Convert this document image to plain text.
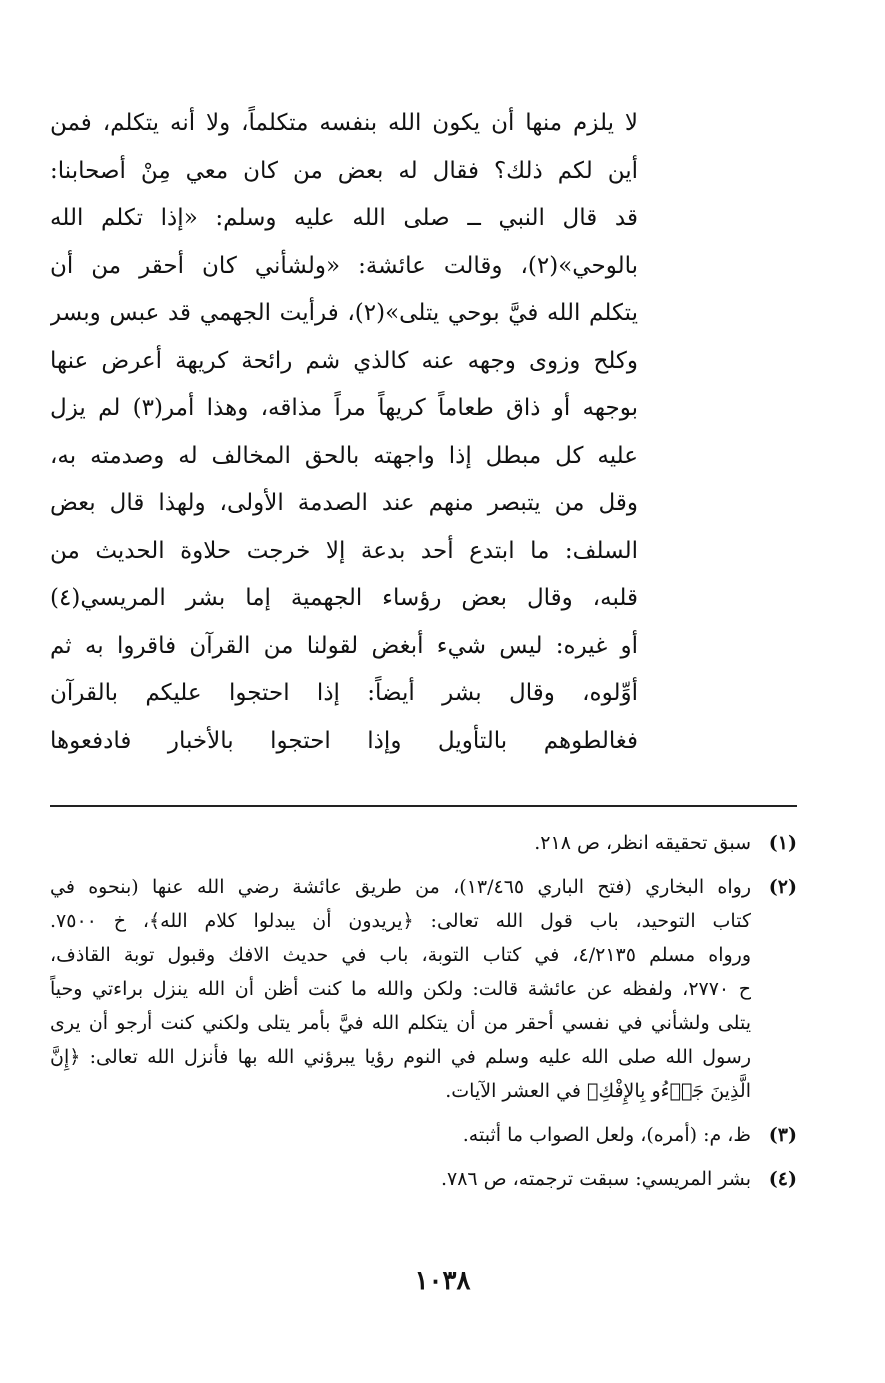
لا يلزم منها أن يكون الله بنفسه متكلماً، ولا أنه يتكلم، فمن
أين لكم ذلك؟ فقال له بعض من كان معي مِنْ أصحابنا:
قد قال النبي ــ صلى الله عليه وسلم: «إذا تكلم الله
بالوحي»(٢)، وقالت عائشة: «ولشأني كان أحقر من أن
يتكلم الله فيَّ بوحي يتلى»(٢)، فرأيت الجهمي قد عبس وبسر
وكلح وزوى وجهه عنه كالذي شم رائحة كريهة أعرض عنها
بوجهه أو ذاق طعاماً كريهاً مراً مذاقه، وهذا أمر(٣) لم يزل
عليه كل مبطل إذا واجهته بالحق المخالف له وصدمته به،
وقل من يتبصر منهم عند الصدمة الأولى، ولهذا قال بعض
السلف: ما ابتدع أحد بدعة إلا خرجت حلاوة الحديث من
قلبه، وقال بعض رؤساء الجهمية إما بشر المريسي(٤)
أو غيره: ليس شيء أبغض لقولنا من القرآن فاقروا به ثم
أوِّلوه، وقال بشر أيضاً: إذا احتجوا عليكم بالقرآن
فغالطوهم بالتأويل وإذا احتجوا بالأخبار فادفعوها
(١)
سبق تحقيقه انظر، ص ٢١٨.
(٢)
رواه البخاري (فتح الباري ١٣/٤٦٥)، من طريق عائشة رضي الله عنها (بنحوه في
كتاب التوحيد، باب قول الله تعالى: ﴿يريدون أن يبدلوا كلام الله﴾، خ ٧٥٠٠.
ورواه مسلم ٤/٢١٣٥، في كتاب التوبة، باب في حديث الافك وقبول توبة القاذف،
ح ٢٧٧٠، ولفظه عن عائشة قالت: ولكن والله ما كنت أظن أن الله ينزل براءتي وحياً
يتلى ولشأني في نفسي أحقر من أن يتكلم الله فيَّ بأمر يتلى ولكني كنت أرجو أن يرى
رسول الله صلى الله عليه وسلم في النوم رؤيا يبرؤني الله بها فأنزل الله تعالى: ﴿إِنَّ
الَّذِينَ جَاۤءُو بِالإِفْكِ﴾ في العشر الآيات.
(٣)
ظ، م: (أمره)، ولعل الصواب ما أثبته.
(٤)
بشر المريسي: سبقت ترجمته، ص ٧٨٦.
١٠٣٨
